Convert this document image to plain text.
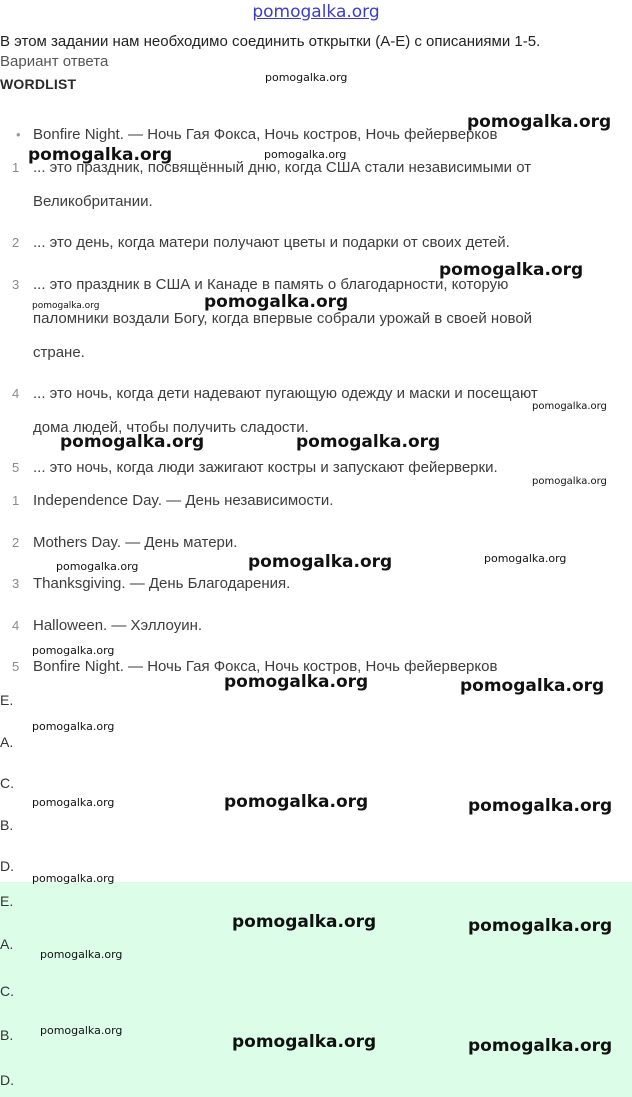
pomogalka.org
В этом задании нам необходимо соединить открытки (A-E) с описаниями 1-5.
Вариант ответа
WORDLIST
• Bonfire Night. — Ночь Гая Фокса, Ночь костров, Ночь фейерверков
1 ... это праздник, посвящённый дню, когда США стали независимыми от
Великобритании.
2 ... это день, когда матери получают цветы и подарки от своих детей.
3 ... это праздник в США и Канаде в память о благодарности, которую
паломники воздали Богу, когда впервые собрали урожай в своей новой
стране.
4 ... это ночь, когда дети надевают пугающую одежду и маски и посещают
дома людей, чтобы получить сладости.
5 ... это ночь, когда люди зажигают костры и запускают фейерверки.
1 Independence Day. — День независимости.
2 Mothers Day. — День матери.
3 Thanksgiving. — День Благодарения.
4 Halloween. — Хэллоуин.
5 Bonfire Night. — Ночь Гая Фокса, Ночь костров, Ночь фейерверков
E.
A.
C.
B.
D.
E.
A.
C.
B.
D.
pomogalka.org
pomogalka.org
pomogalka.org	pomogalka.org
pomogalka.org
pomogalka.org	pomogalka.org
pomogalka.org
pomogalka.org	pomogalka.org
pomogalka.org
pomogalka.org
pomogalka.org
pomogalka.org
pomogalka.org
pomogalka.org	pomogalka.org
pomogalka.org
pomogalka.org	pomogalka.org	pomogalka.org
pomogalka.org
pomogalka.org	pomogalka.org
pomogalka.org
pomogalka.org
pomogalka.org	pomogalka.org
